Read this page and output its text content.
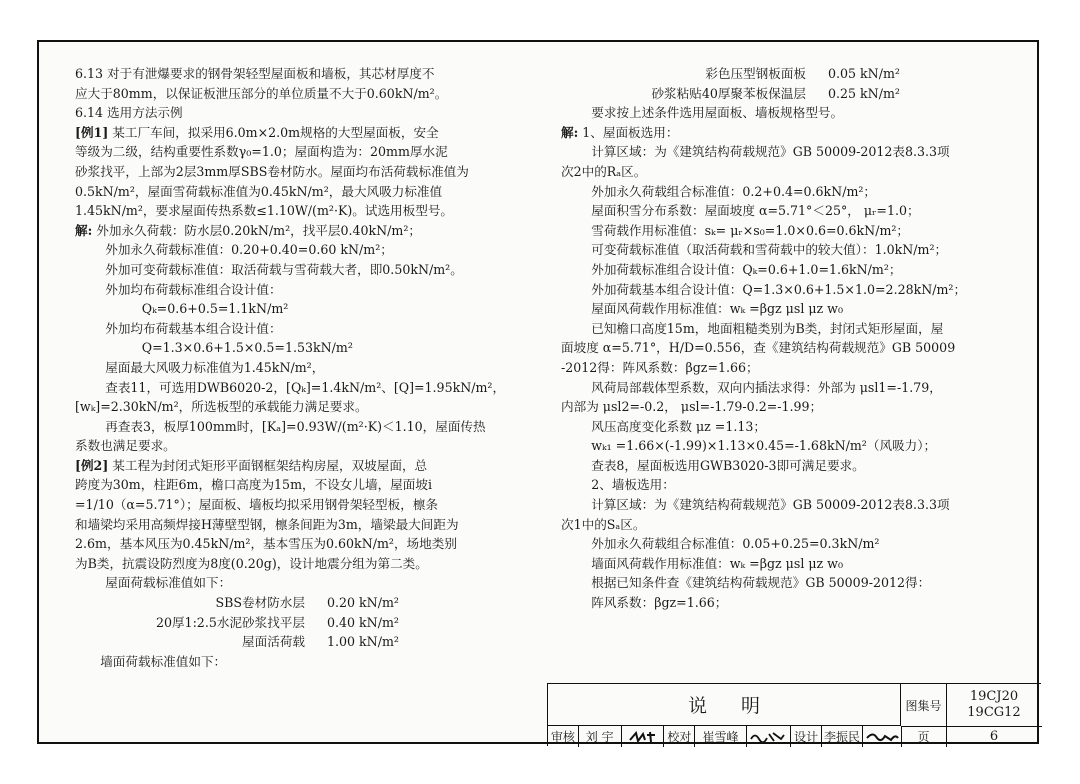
6.13 对于有泄爆要求的钢骨架轻型屋面板和墙板，其芯材厚度不

应大于80mm，以保证板泄压部分的单位质量不大于0.60kN/m²。

6.14 选用方法示例

[例1] 某工厂车间，拟采用6.0m×2.0m规格的大型屋面板，安全

等级为二级，结构重要性系数γ₀=1.0；屋面构造为：20mm厚水泥

砂浆找平，上部为2层3mm厚SBS卷材防水。屋面均布活荷载标准值为

0.5kN/m²，屋面雪荷载标准值为0.45kN/m²，最大风吸力标准值

1.45kN/m²，要求屋面传热系数≤1.10W/(m²·K)。试选用板型号。

解: 外加永久荷载：防水层0.20kN/m²，找平层0.40kN/m²；

外加永久荷载标准值：0.20+0.40=0.60 kN/m²；

外加可变荷载标准值：取活荷载与雪荷载大者，即0.50kN/m²。

外加均布荷载标准组合设计值：

Qₖ=0.6+0.5=1.1kN/m²

外加均布荷载基本组合设计值：

Q=1.3×0.6+1.5×0.5=1.53kN/m²

屋面最大风吸力标准值为1.45kN/m²，

查表11，可选用DWB6020-2，[Qₖ]=1.4kN/m²、[Q]=1.95kN/m²，

[wₖ]=2.30kN/m²，所选板型的承载能力满足要求。

再查表3，板厚100mm时，[Kₐ]=0.93W/(m²·K)＜1.10，屋面传热

系数也满足要求。

[例2] 某工程为封闭式矩形平面钢框架结构房屋，双坡屋面，总

跨度为30m，柱距6m，檐口高度为15m，不设女儿墙，屋面坡i

=1/10（α=5.71°）；屋面板、墙板均拟采用钢骨架轻型板，檩条

和墙梁均采用高频焊接H薄壁型钢，檩条间距为3m，墙梁最大间距为

2.6m，基本风压为0.45kN/m²，基本雪压为0.60kN/m²，场地类别

为B类，抗震设防烈度为8度(0.20g)，设计地震分组为第二类。

屋面荷载标准值如下：

SBS卷材防水层	0.20 kN/m²
20厚1:2.5水泥砂浆找平层	0.40 kN/m²
屋面活荷载	1.00 kN/m²

墙面荷载标准值如下：

彩色压型钢板面板	0.05 kN/m²
砂浆粘贴40厚聚苯板保温层	0.25 kN/m²

要求按上述条件选用屋面板、墙板规格型号。

解: 1、屋面板选用：

计算区域：为《建筑结构荷载规范》GB 50009-2012表8.3.3项

次2中的Rₐ区。

外加永久荷载组合标准值：0.2+0.4=0.6kN/m²；

屋面积雪分布系数：屋面坡度 α=5.71°＜25°， μᵣ=1.0；

雪荷载作用标准值：sₖ= μᵣ×s₀=1.0×0.6=0.6kN/m²；

可变荷载标准值（取活荷载和雪荷载中的较大值）：1.0kN/m²；

外加荷载标准组合设计值：Qₖ=0.6+1.0=1.6kN/m²；

外加荷载基本组合设计值：Q=1.3×0.6+1.5×1.0=2.28kN/m²；

屋面风荷载作用标准值：wₖ =βgz μsl μz w₀

已知檐口高度15m，地面粗糙类别为B类，封闭式矩形屋面，屋

面坡度 α=5.71°，H/D=0.556，查《建筑结构荷载规范》GB 50009

-2012得：阵风系数：βgz=1.66；

风荷局部载体型系数，双向内插法求得：外部为 μsl1=-1.79，

内部为 μsl2=-0.2， μsl=-1.79-0.2=-1.99；

风压高度变化系数 μz =1.13；

wₖ₁ =1.66×(-1.99)×1.13×0.45=-1.68kN/m²（风吸力）；

查表8，屋面板选用GWB3020-3即可满足要求。

2、墙板选用：

计算区域：为《建筑结构荷载规范》GB 50009-2012表8.3.3项

次1中的Sₐ区。

外加永久荷载组合标准值：0.05+0.25=0.3kN/m²

墙面风荷载作用标准值：wₖ =βgz μsl μz w₀

根据已知条件查《建筑结构荷载规范》GB 50009-2012得：

阵风系数：βgz=1.66；

说明	图集号
19CJ20
19CG12
审核 刘 宇	校对 崔雪峰	设计 李振民	页	6
